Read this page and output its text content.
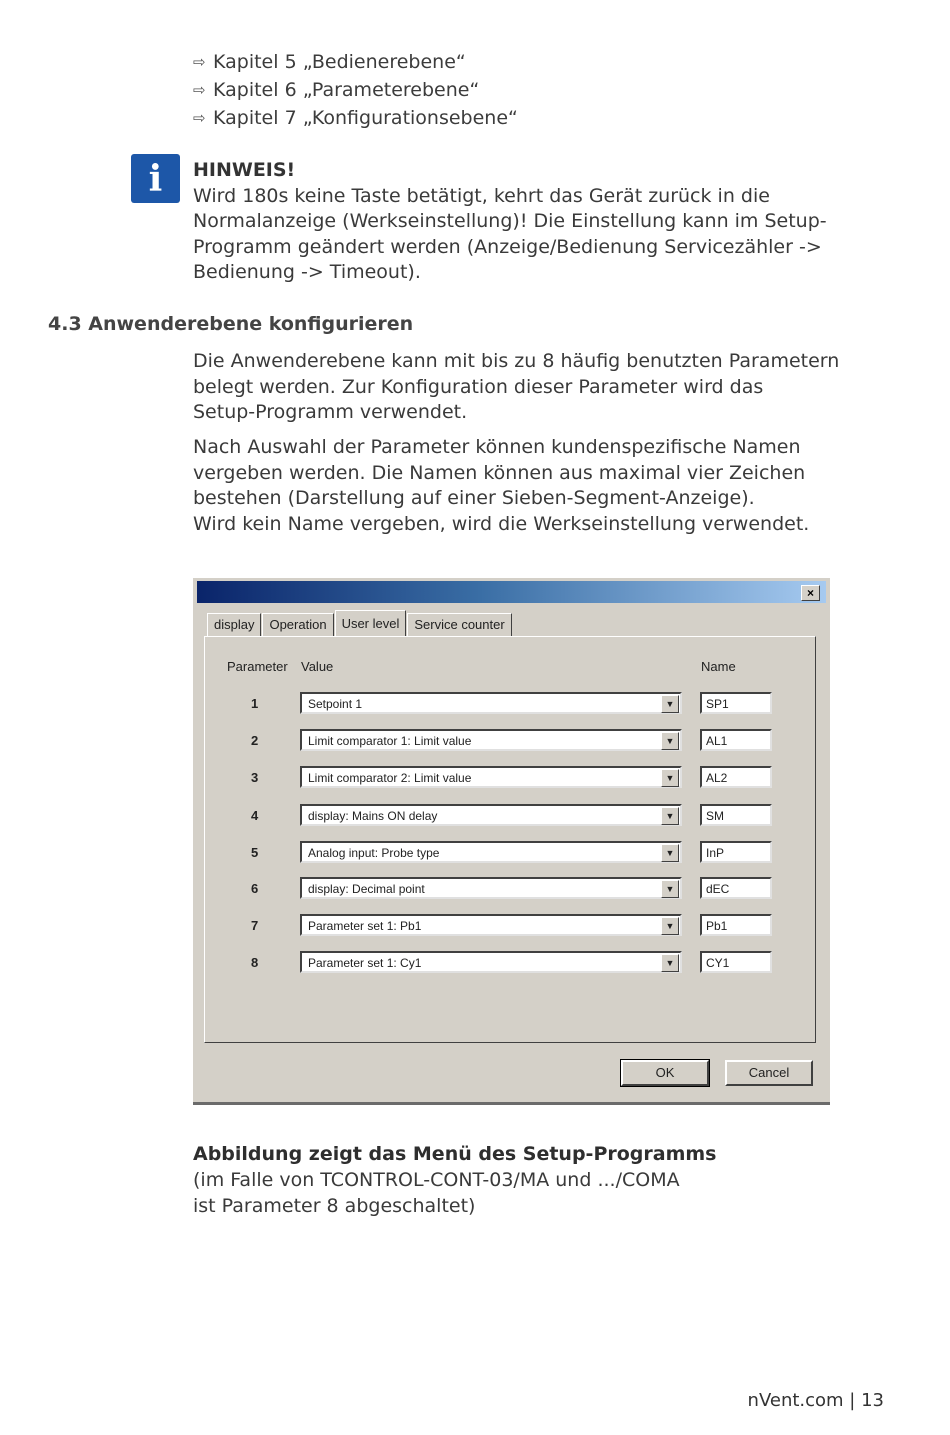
⇨ Kapitel 5 „Bedienerebene“
⇨ Kapitel 6 „Parameterebene“
⇨ Kapitel 7 „Konfigurationsebene“
i	HINWEIS!
Wird 180s keine Taste betätigt, kehrt das Gerät zurück in die
Normalanzeige (Werkseinstellung)! Die Einstellung kann im Setup-
Programm geändert werden (Anzeige/Bedienung Servicezähler ->
Bedienung -> Timeout).
4.3 Anwenderebene konfigurieren
Die Anwenderebene kann mit bis zu 8 häufig benutzten Parametern
belegt werden. Zur Konfiguration dieser Parameter wird das
Setup-Programm verwendet.
Nach Auswahl der Parameter können kundenspezifische Namen
vergeben werden. Die Namen können aus maximal vier Zeichen
bestehen (Darstellung auf einer Sieben-Segment-Anzeige).
Wird kein Name vergeben, wird die Werkseinstellung verwendet.
×
display	Operation	User level	Service counter
Parameter Value	Name
1	Setpoint 1	▼	SP1
2	Limit comparator 1: Limit value	▼	AL1
3	Limit comparator 2: Limit value	▼	AL2
4	display: Mains ON delay	▼	SM
5	Analog input: Probe type	▼	InP
6	display: Decimal point	▼	dEC
7	Parameter set 1: Pb1	▼	Pb1
8	Parameter set 1: Cy1	▼	CY1
OK	Cancel
Abbildung zeigt das Menü des Setup-Programms
(im Falle von TCONTROL-CONT-03/MA und .../COMA
ist Parameter 8 abgeschaltet)
nVent.com | 13
